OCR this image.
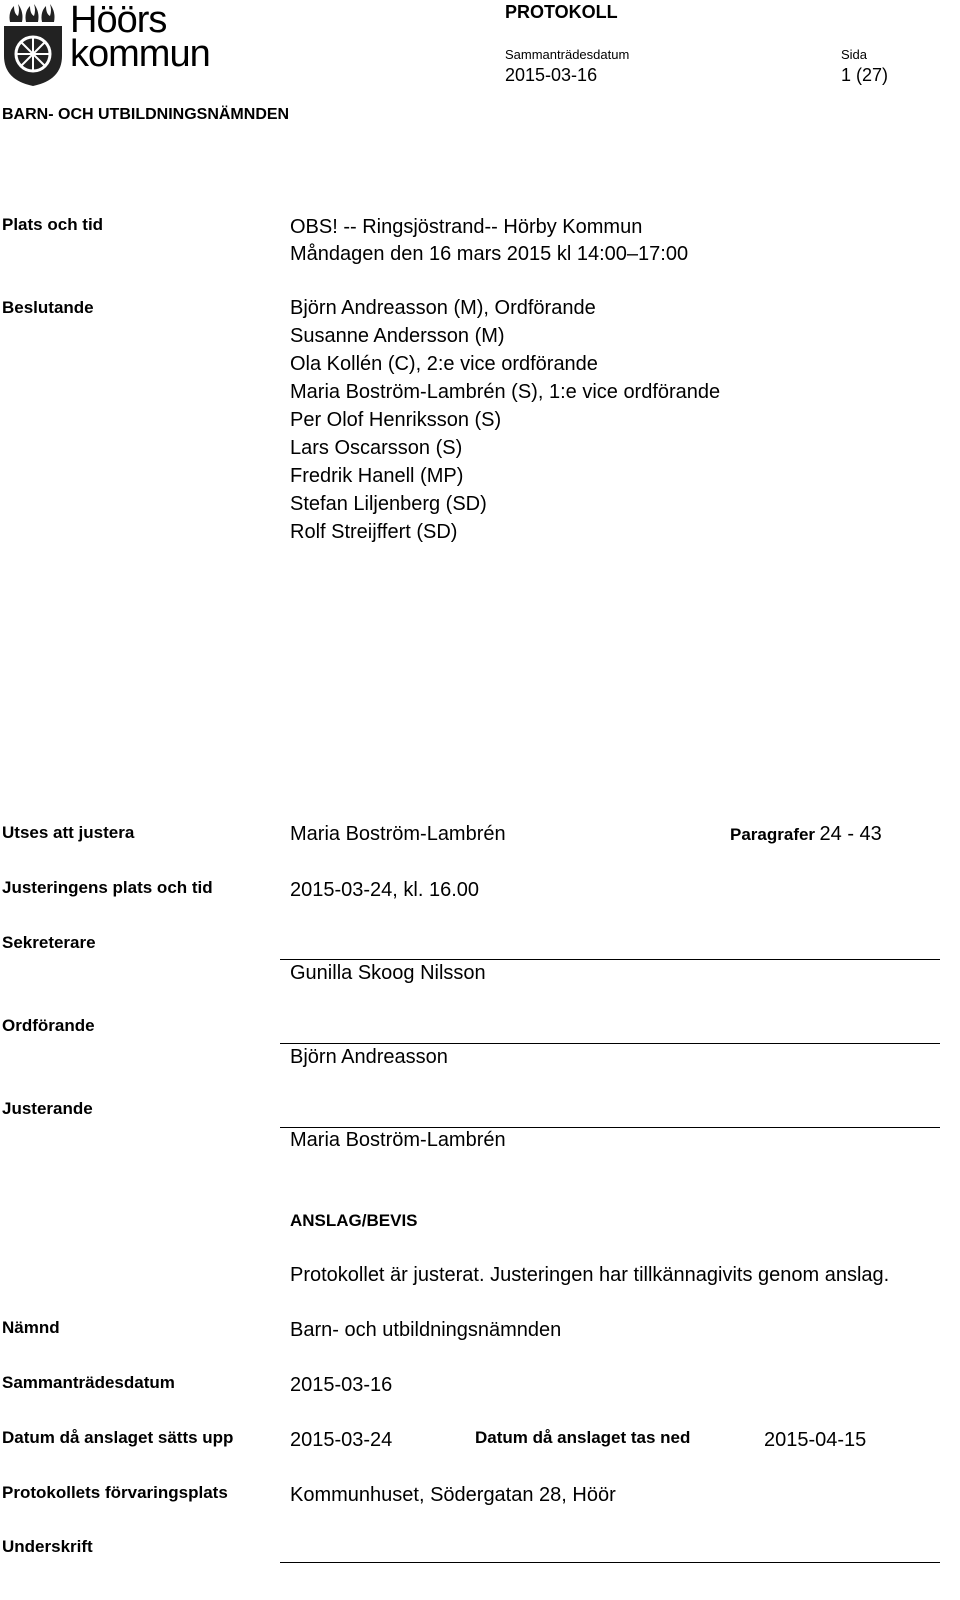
Höörs
kommun
PROTOKOLL
Sammanträdesdatum
2015-03-16
Sida
1 (27)
BARN- OCH UTBILDNINGSNÄMNDEN
Plats och tid	OBS! -- Ringsjöstrand-- Hörby Kommun
Måndagen den 16 mars 2015 kl 14:00–17:00
Beslutande	Björn Andreasson (M), Ordförande
Susanne Andersson (M)
Ola Kollén (C), 2:e vice ordförande
Maria Boström-Lambrén (S), 1:e vice ordförande
Per Olof Henriksson (S)
Lars Oscarsson (S)
Fredrik Hanell (MP)
Stefan Liljenberg (SD)
Rolf Streijffert (SD)
Utses att justera	Maria Boström-Lambrén	Paragrafer 24 - 43
Justeringens plats och tid	2015-03-24, kl. 16.00
Sekreterare
Gunilla Skoog Nilsson
Ordförande
Björn Andreasson
Justerande
Maria Boström-Lambrén
ANSLAG/BEVIS
Protokollet är justerat. Justeringen har tillkännagivits genom anslag.
Nämnd	Barn- och utbildningsnämnden
Sammanträdesdatum	2015-03-16
Datum då anslaget sätts upp	2015-03-24	Datum då anslaget tas ned	2015-04-15
Protokollets förvaringsplats	Kommunhuset, Södergatan 28, Höör
Underskrift
